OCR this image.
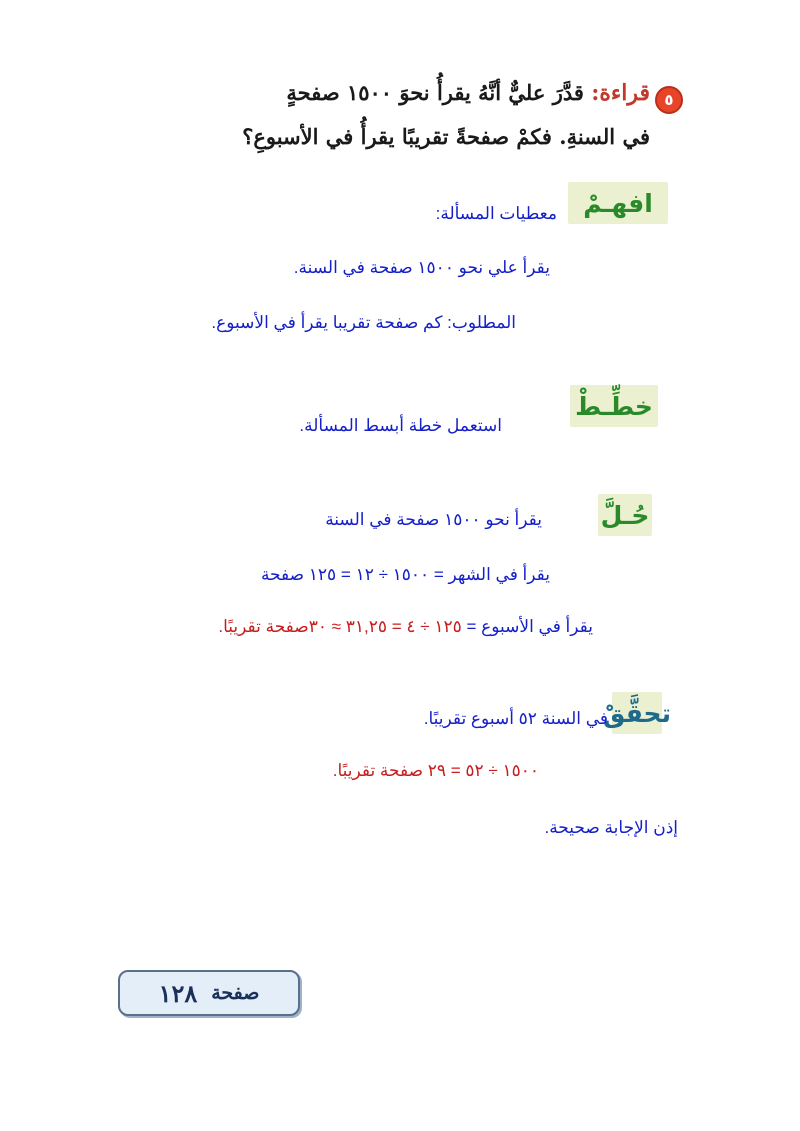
٥
قراءة: قدَّرَ عليٌّ أنَّهُ يقرأُ نحوَ ١٥٠٠ صفحةٍ
في السنةِ. فكمْ صفحةً تقريبًا يقرأُ في الأسبوعِ؟
افهـمْ
معطيات المسألة:
يقرأ علي نحو ١٥٠٠ صفحة في السنة.
المطلوب: كم صفحة تقريبا يقرأ في الأسبوع.
خطِّـطْ
استعمل خطة أبسط المسألة.
حُـلَّ
يقرأ نحو ١٥٠٠ صفحة في السنة
يقرأ في الشهر = ١٥٠٠ ÷ ١٢ = ١٢٥ صفحة
يقرأ في الأسبوع = ١٢٥ ÷ ٤ = ٣١,٢٥ ≈ ٣٠صفحة تقريبًا.
تحقَّقْ
في السنة ٥٢ أسبوع تقريبًا.
١٥٠٠ ÷ ٥٢ = ٢٩ صفحة تقريبًا.
إذن الإجابة صحيحة.
صفحة
١٢٨
